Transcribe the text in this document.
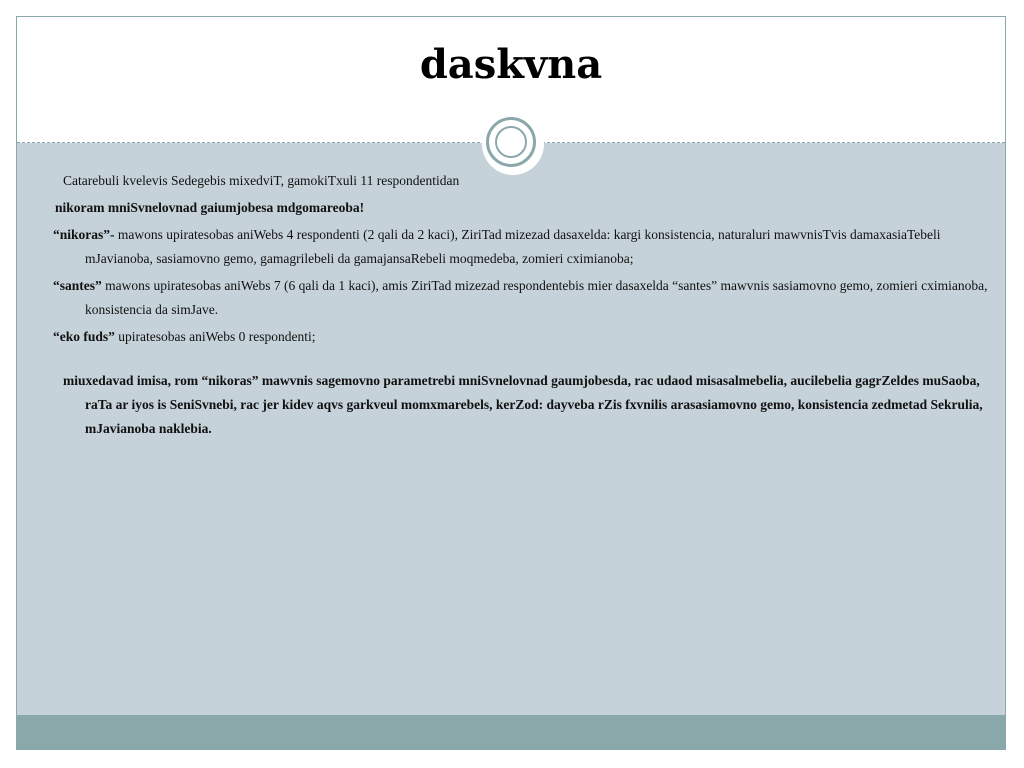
daskvna

Catarebuli kvelevis Sedegebis mixedviT, gamokiTxuli 11 respondentidan

nikoram mniSvnelovnad gaiumjobesa mdgomareoba!

“nikoras”- mawons upiratesobas aniWebs 4 respondenti (2 qali da 2 kaci), ZiriTad mizezad dasaxelda: kargi konsistencia, naturaluri mawvnisTvis damaxasiaTebeli mJavianoba, sasiamovno gemo, gamagrilebeli da gamajansaRebeli moqmedeba, zomieri cximianoba;

“santes” mawons upiratesobas aniWebs 7 (6 qali da 1 kaci), amis ZiriTad mizezad respondentebis mier dasaxelda “santes” mawvnis sasiamovno gemo, zomieri cximianoba, konsistencia da simJave.

“eko fuds” upiratesobas aniWebs 0 respondenti;

miuxedavad imisa, rom “nikoras” mawvnis sagemovno parametrebi mniSvnelovnad gaumjobesda, rac udaod misasalmebelia, aucilebelia gagrZeldes muSaoba, raTa ar iyos is SeniSvnebi, rac jer kidev aqvs garkveul momxmarebels, kerZod: dayveba rZis fxvnilis arasasiamovno gemo, konsistencia zedmetad Sekrulia, mJavianoba naklebia.
